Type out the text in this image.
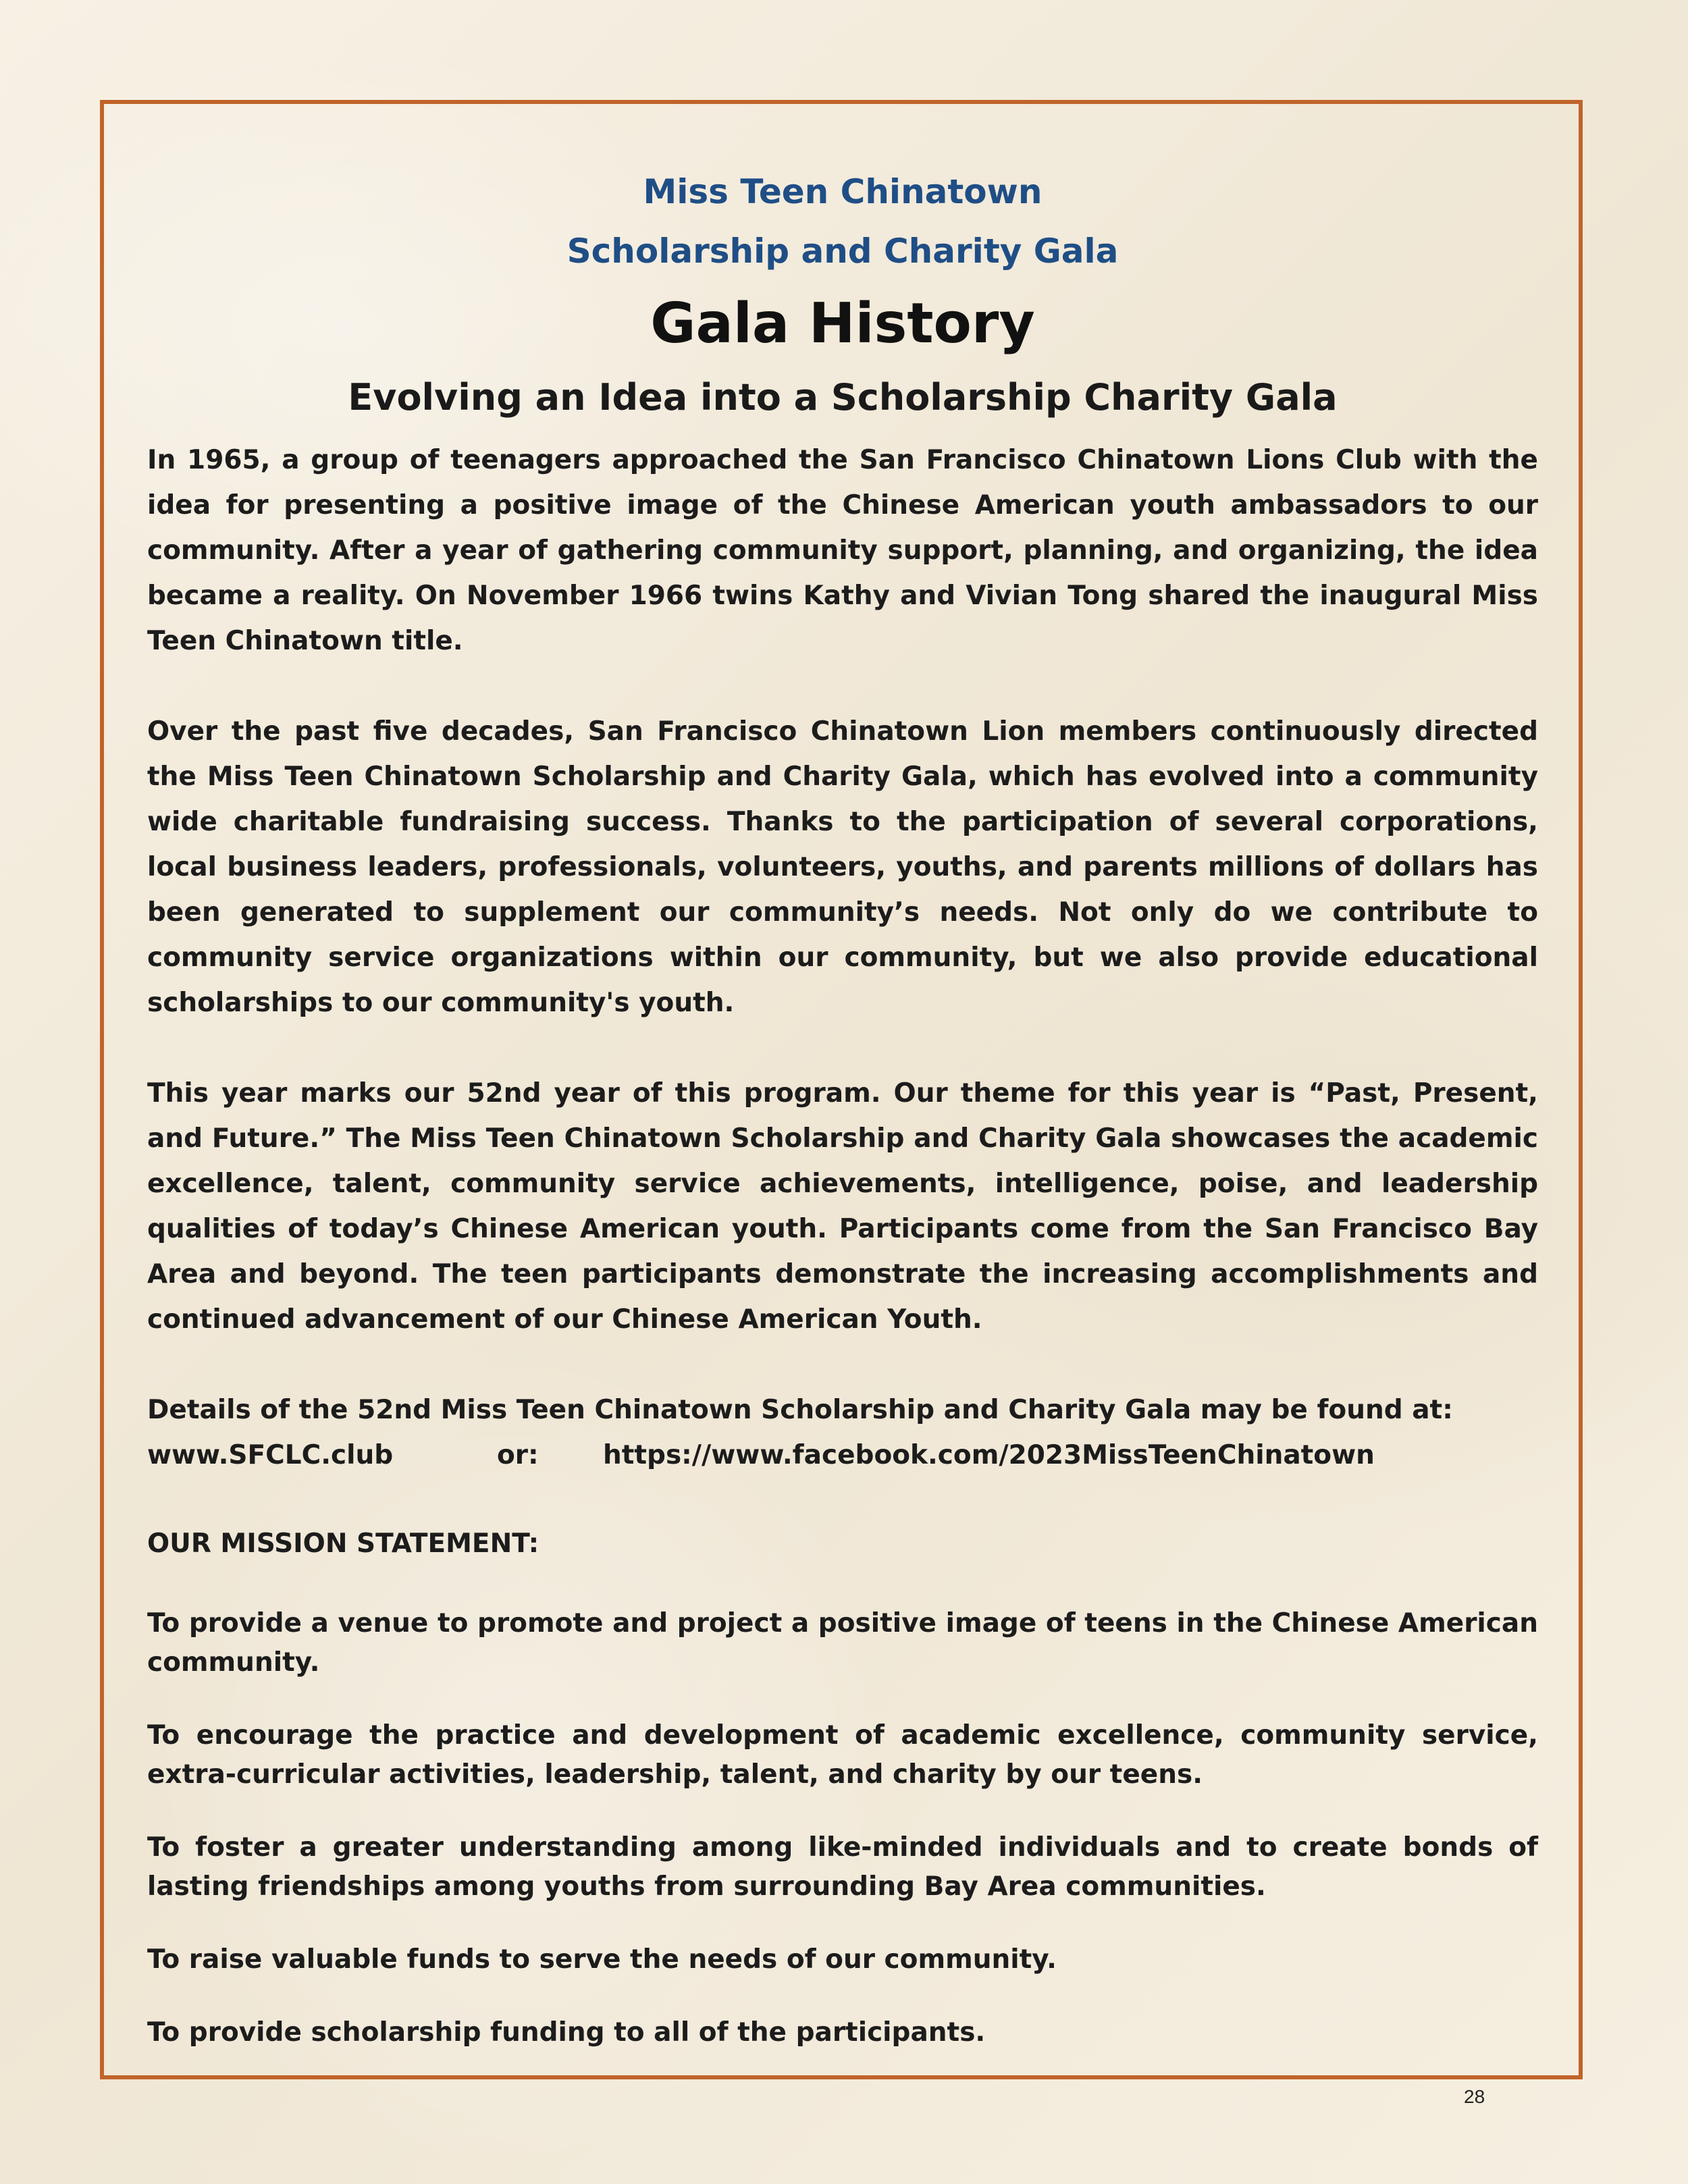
Miss Teen Chinatown

Scholarship and Charity Gala

Gala History
Evolving an Idea into a Scholarship Charity Gala

In 1965, a group of teenagers approached the San Francisco Chinatown Lions Club with the idea for presenting a positive image of the Chinese American youth ambassadors to our community. After a year of gathering community support, planning, and organizing, the idea became a reality. On November 1966 twins Kathy and Vivian Tong shared the inaugural Miss Teen Chinatown title.

Over the past five decades, San Francisco Chinatown Lion members continuously directed the Miss Teen Chinatown Scholarship and Charity Gala, which has evolved into a community wide charitable fundraising success. Thanks to the participation of several corporations, local business leaders, professionals, volunteers, youths, and parents millions of dollars has been generated to supplement our community’s needs. Not only do we contribute to community service organizations within our community, but we also provide educational scholarships to our community's youth.

This year marks our 52nd year of this program. Our theme for this year is “Past, Present, and Future.” The Miss Teen Chinatown Scholarship and Charity Gala showcases the academic excellence, talent, community service achievements, intelligence, poise, and leadership qualities of today’s Chinese American youth. Participants come from the San Francisco Bay Area and beyond. The teen participants demonstrate the increasing accomplishments and continued advancement of our Chinese American Youth.

Details of the 52nd Miss Teen Chinatown Scholarship and Charity Gala may be found at:

www.SFCLC.club	or: https://www.facebook.com/2023MissTeenChinatown

OUR MISSION STATEMENT:

To provide a venue to promote and project a positive image of teens in the Chinese American community.

To encourage the practice and development of academic excellence, community service, extra-curricular activities, leadership, talent, and charity by our teens.

To foster a greater understanding among like-minded individuals and to create bonds of lasting friendships among youths from surrounding Bay Area communities.

To raise valuable funds to serve the needs of our community.

To provide scholarship funding to all of the participants.

28
